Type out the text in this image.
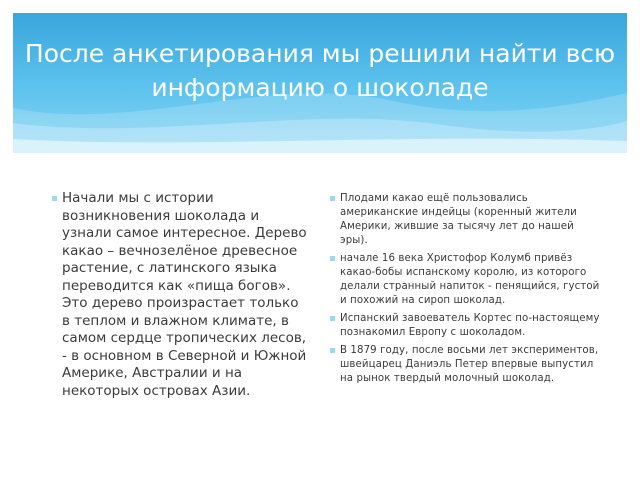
После анкетирования мы решили найти всю информацию о шоколаде
Начали мы с истории возникновения шоколада и узнали самое интересное. Дерево какао – вечнозелёное древесное растение, с латинского языка переводится как «пища богов». Это дерево произрастает только в теплом и влажном климате, в самом сердце тропических лесов, - в основном в Северной и Южной Америке, Австралии и на некоторых островах Азии.
Плодами какао ещё пользовались американские индейцы (коренный жители Америки, жившие за тысячу лет до нашей эры).
начале 16 века Христофор Колумб привёз какао-бобы испанскому королю, из которого делали странный напиток - пенящийся, густой и похожий на сироп шоколад.
Испанский завоеватель Кортес по-настоящему познакомил Европу с шоколадом.
В 1879 году, после восьми лет экспериментов, швейцарец Даниэль Петер впервые выпустил на рынок твердый молочный шоколад.
